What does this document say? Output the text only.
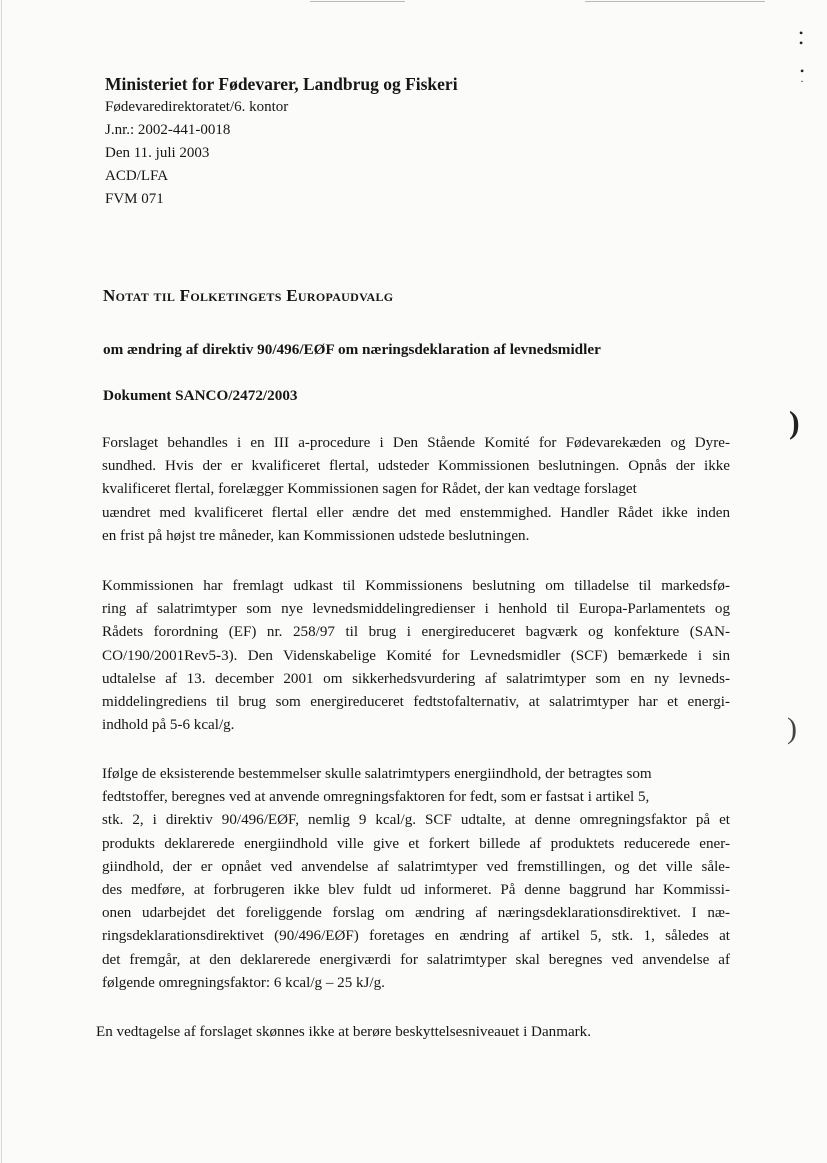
•
•
•
·
)
)
Ministeriet for Fødevarer, Landbrug og Fiskeri
Fødevaredirektoratet/6. kontor
J.nr.: 2002-441-0018
Den 11. juli 2003
ACD/LFA
FVM 071
Notat til Folketingets Europaudvalg
om ændring af direktiv 90/496/EØF om næringsdeklaration af levnedsmidler
Dokument SANCO/2472/2003
Forslaget behandles i en III a-procedure i Den Stående Komité for Fødevarekæden og Dyre-
sundhed. Hvis der er kvalificeret flertal, udsteder Kommissionen beslutningen. Opnås der ikke
kvalificeret flertal, forelægger Kommissionen sagen for Rådet, der kan vedtage forslaget
uændret med kvalificeret flertal eller ændre det med enstemmighed. Handler Rådet ikke inden
en frist på højst tre måneder, kan Kommissionen udstede beslutningen.
Kommissionen har fremlagt udkast til Kommissionens beslutning om tilladelse til markedsfø-
ring af salatrimtyper som nye levnedsmiddelingredienser i henhold til Europa-Parlamentets og
Rådets forordning (EF) nr. 258/97 til brug i energireduceret bagværk og konfekture (SAN-
CO/190/2001Rev5-3). Den Videnskabelige Komité for Levnedsmidler (SCF) bemærkede i sin
udtalelse af 13. december 2001 om sikkerhedsvurdering af salatrimtyper som en ny levneds-
middelingrediens til brug som energireduceret fedtstofalternativ, at salatrimtyper har et energi-
indhold på 5-6 kcal/g.
Ifølge de eksisterende bestemmelser skulle salatrimtypers energiindhold, der betragtes som
fedtstoffer, beregnes ved at anvende omregningsfaktoren for fedt, som er fastsat i artikel 5,
stk. 2, i direktiv 90/496/EØF, nemlig 9 kcal/g. SCF udtalte, at denne omregningsfaktor på et
produkts deklarerede energiindhold ville give et forkert billede af produktets reducerede ener-
giindhold, der er opnået ved anvendelse af salatrimtyper ved fremstillingen, og det ville såle-
des medføre, at forbrugeren ikke blev fuldt ud informeret. På denne baggrund har Kommissi-
onen udarbejdet det foreliggende forslag om ændring af næringsdeklarationsdirektivet. I næ-
ringsdeklarationsdirektivet (90/496/EØF) foretages en ændring af artikel 5, stk. 1, således at
det fremgår, at den deklarerede energiværdi for salatrimtyper skal beregnes ved anvendelse af
følgende omregningsfaktor: 6 kcal/g – 25 kJ/g.
En vedtagelse af forslaget skønnes ikke at berøre beskyttelsesniveauet i Danmark.
